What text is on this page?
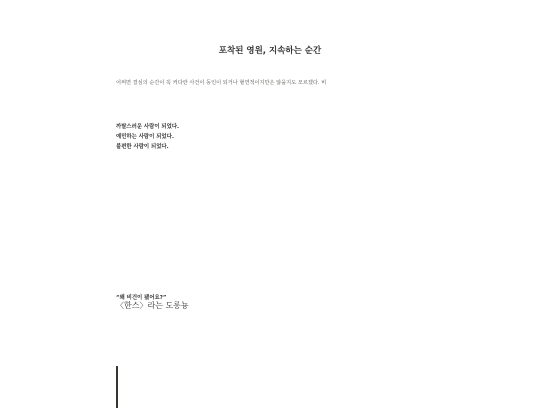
포착된 영원, 지속하는 순간

어쩌면 결심의 순간이 꼭 커다란 사건이 동인이 되거나 혈연적이지만은 않을지도 모르겠다. 비

까탈스러운 사람이 되었다.
예민하는 사람이 되었다.
불편한 사람이 되었다.

“왜 비건이 됐어요?”
〈한스〉라는 도롱뇽
